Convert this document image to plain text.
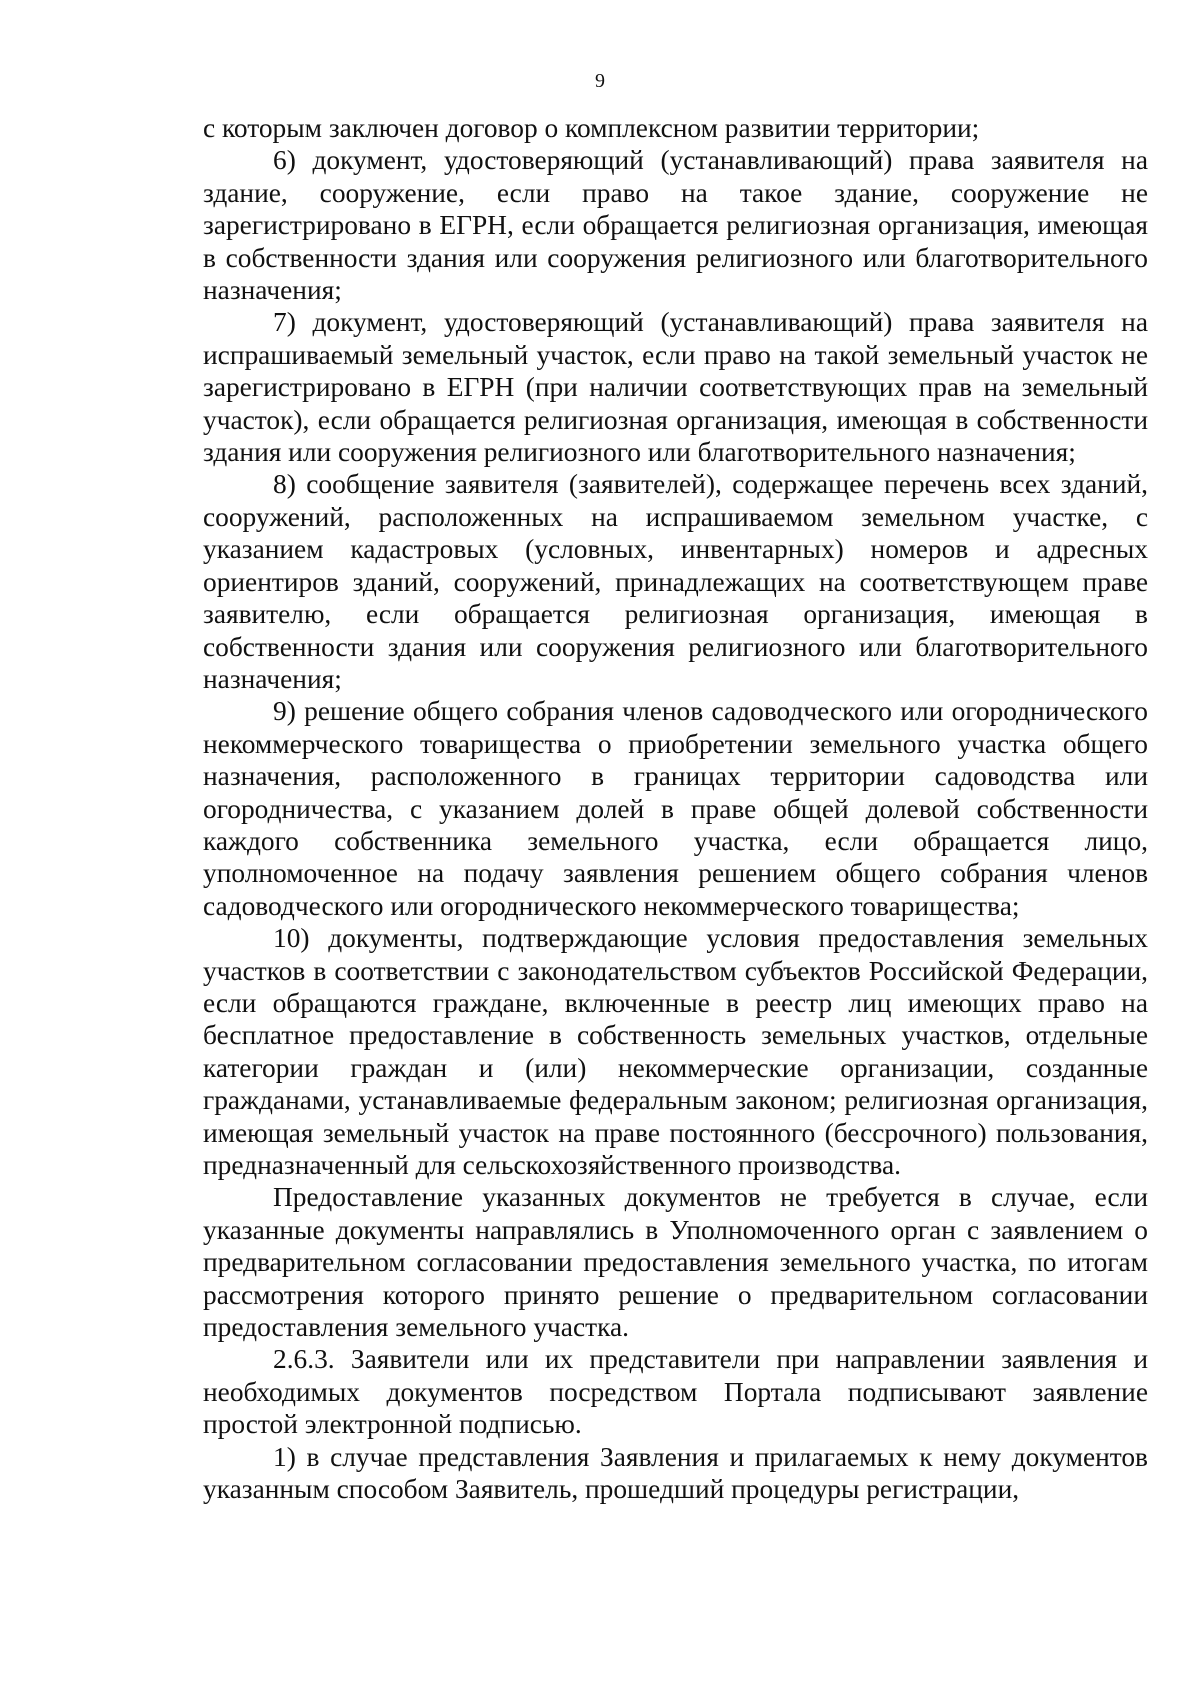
9

с которым заключен договор о комплексном развитии территории;

6) документ, удостоверяющий (устанавливающий) права заявителя на здание, сооружение, если право на такое здание, сооружение не зарегистрировано в ЕГРН, если обращается религиозная организация, имеющая в собственности здания или сооружения религиозного или благотворительного назначения;

7) документ, удостоверяющий (устанавливающий) права заявителя на испрашиваемый земельный участок, если право на такой земельный участок не зарегистрировано в ЕГРН (при наличии соответствующих прав на земельный участок), если обращается религиозная организация, имеющая в собственности здания или сооружения религиозного или благотворительного назначения;

8) сообщение заявителя (заявителей), содержащее перечень всех зданий, сооружений, расположенных на испрашиваемом земельном участке, с указанием кадастровых (условных, инвентарных) номеров и адресных ориентиров зданий, сооружений, принадлежащих на соответствующем праве заявителю, если обращается религиозная организация, имеющая в собственности здания или сооружения религиозного или благотворительного назначения;

9) решение общего собрания членов садоводческого или огороднического некоммерческого товарищества о приобретении земельного участка общего назначения, расположенного в границах территории садоводства или огородничества, с указанием долей в праве общей долевой собственности каждого собственника земельного участка, если обращается лицо, уполномоченное на подачу заявления решением общего собрания членов садоводческого или огороднического некоммерческого товарищества;

10) документы, подтверждающие условия предоставления земельных участков в соответствии с законодательством субъектов Российской Федерации, если обращаются граждане, включенные в реестр лиц имеющих право на бесплатное предоставление в собственность земельных участков, отдельные категории граждан и (или) некоммерческие организации, созданные гражданами, устанавливаемые федеральным законом; религиозная организация, имеющая земельный участок на праве постоянного (бессрочного) пользования, предназначенный для сельскохозяйственного производства.

Предоставление указанных документов не требуется в случае, если указанные документы направлялись в Уполномоченного орган с заявлением о предварительном согласовании предоставления земельного участка, по итогам рассмотрения которого принято решение о предварительном согласовании предоставления земельного участка.

2.6.3. Заявители или их представители при направлении заявления и необходимых документов посредством Портала подписывают заявление простой электронной подписью.

1) в случае представления Заявления и прилагаемых к нему документов указанным способом Заявитель, прошедший процедуры регистрации,
